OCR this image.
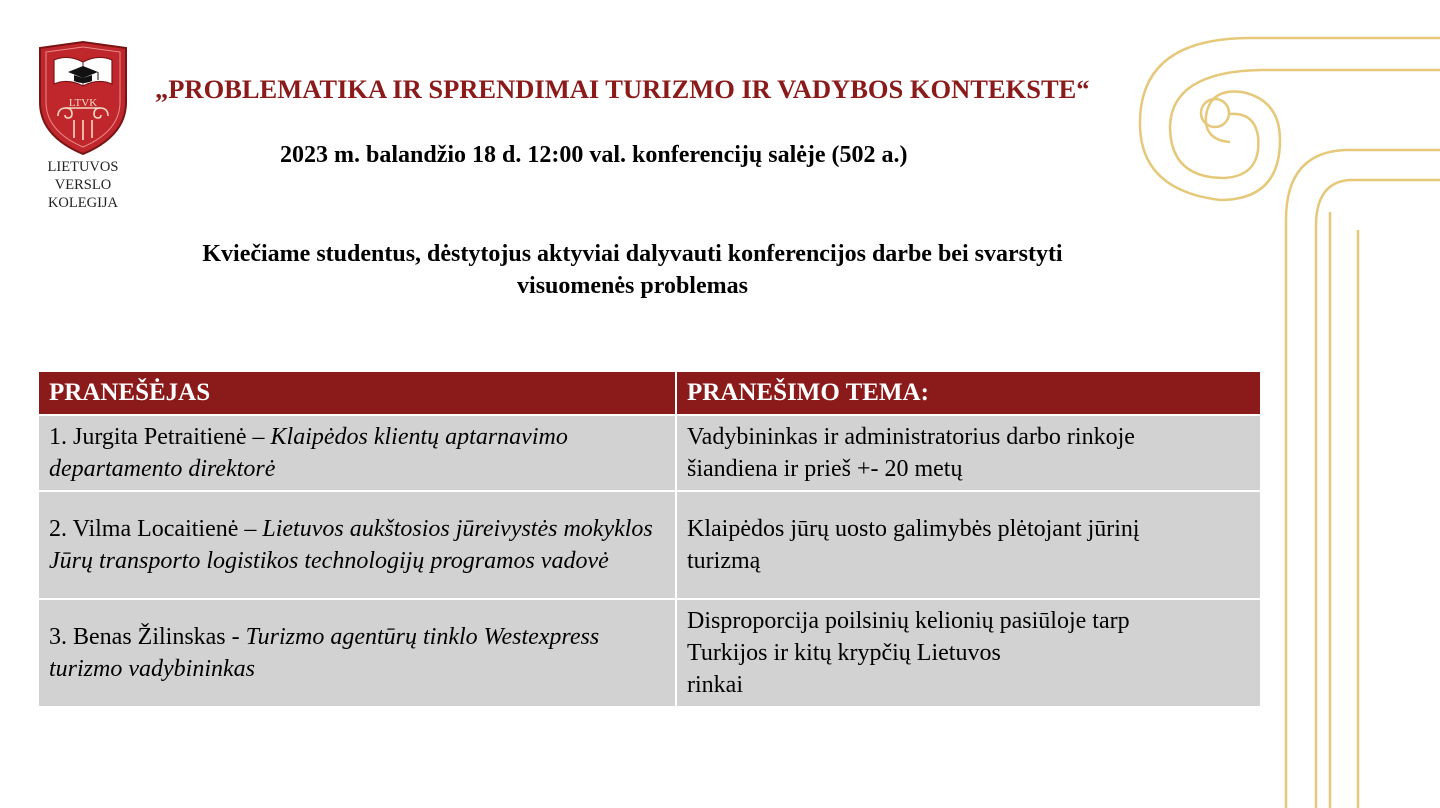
LTVK
LIETUVOS
VERSLO
KOLEGIJA
„PROBLEMATIKA IR SPRENDIMAI TURIZMO IR VADYBOS KONTEKSTE“
2023 m. balandžio 18 d. 12:00 val. konferencijų salėje (502 a.)
Kviečiame studentus, dėstytojus aktyviai dalyvauti konferencijos darbe bei svarstyti
visuomenės problemas
PRANEŠĖJAS	PRANEŠIMO TEMA:
1. Jurgita Petraitienė – Klaipėdos klientų aptarnavimo departamento direktorė	Vadybininkas ir administratorius darbo rinkoje
šiandiena ir prieš +- 20 metų

2. Vilma Locaitienė – Lietuvos aukštosios jūreivystės mokyklos Jūrų transporto logistikos technologijų programos vadovė	Klaipėdos jūrų uosto galimybės plėtojant jūrinį
turizmą

3. Benas Žilinskas - Turizmo agentūrų tinklo Westexpress turizmo vadybininkas	Disproporcija poilsinių kelionių pasiūloje tarp
Turkijos ir kitų krypčių Lietuvos
rinkai
